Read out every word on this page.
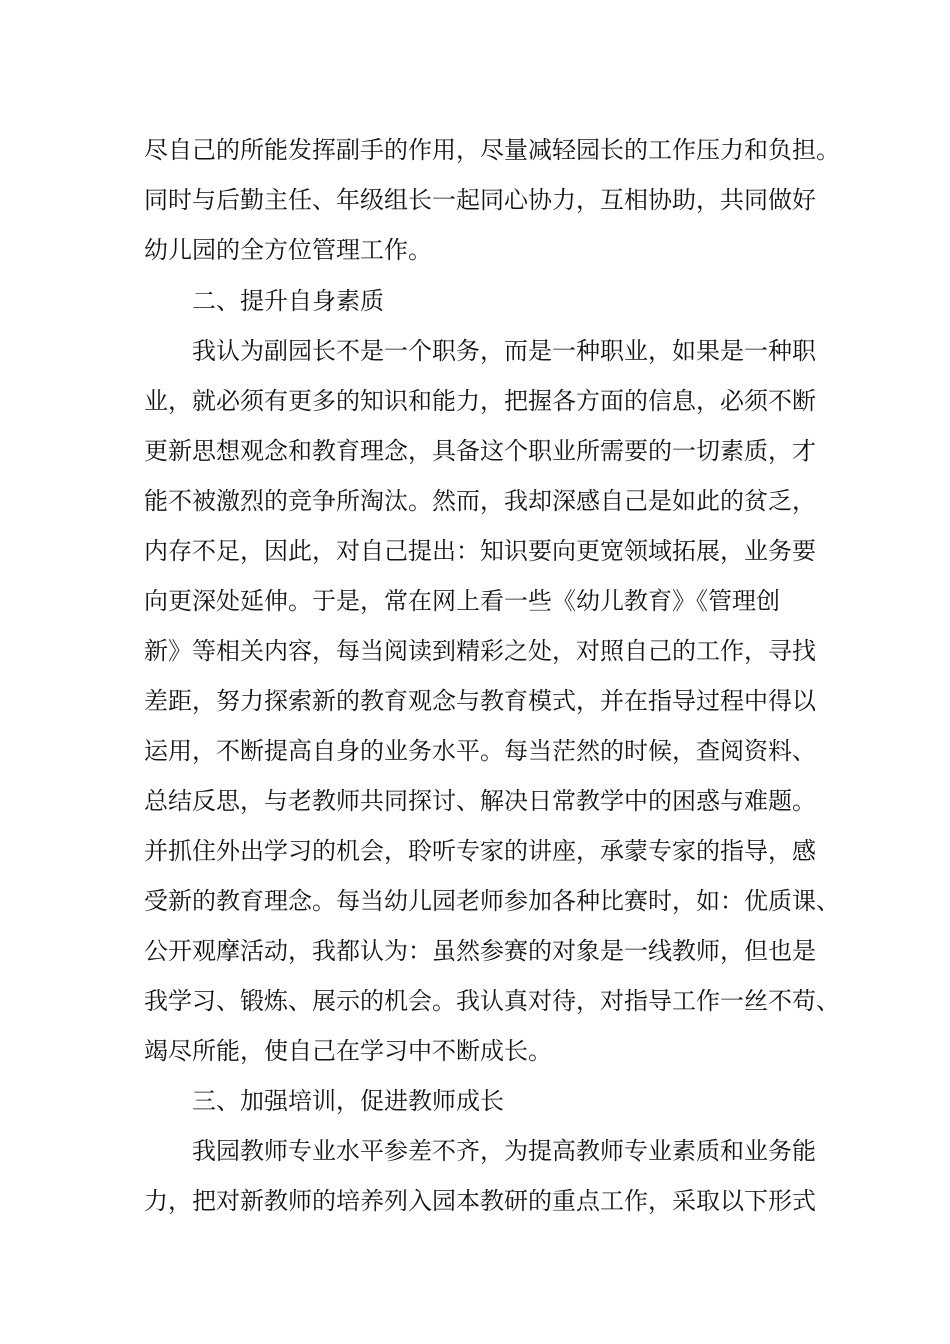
尽自己的所能发挥副手的作用，尽量减轻园长的工作压力和负担。
同时与后勤主任、年级组长一起同心协力，互相协助，共同做好
幼儿园的全方位管理工作。
二、提升自身素质
我认为副园长不是一个职务，而是一种职业，如果是一种职
业，就必须有更多的知识和能力，把握各方面的信息，必须不断
更新思想观念和教育理念，具备这个职业所需要的一切素质，才
能不被激烈的竞争所淘汰。然而，我却深感自己是如此的贫乏，
内存不足，因此，对自己提出：知识要向更宽领域拓展，业务要
向更深处延伸。于是，常在网上看一些《幼儿教育》《管理创
新》等相关内容，每当阅读到精彩之处，对照自己的工作，寻找
差距，努力探索新的教育观念与教育模式，并在指导过程中得以
运用，不断提高自身的业务水平。每当茫然的时候，查阅资料、
总结反思，与老教师共同探讨、解决日常教学中的困惑与难题。
并抓住外出学习的机会，聆听专家的讲座，承蒙专家的指导，感
受新的教育理念。每当幼儿园老师参加各种比赛时，如：优质课、
公开观摩活动，我都认为：虽然参赛的对象是一线教师，但也是
我学习、锻炼、展示的机会。我认真对待，对指导工作一丝不苟、
竭尽所能，使自己在学习中不断成长。
三、加强培训，促进教师成长
我园教师专业水平参差不齐，为提高教师专业素质和业务能
力，把对新教师的培养列入园本教研的重点工作，采取以下形式
